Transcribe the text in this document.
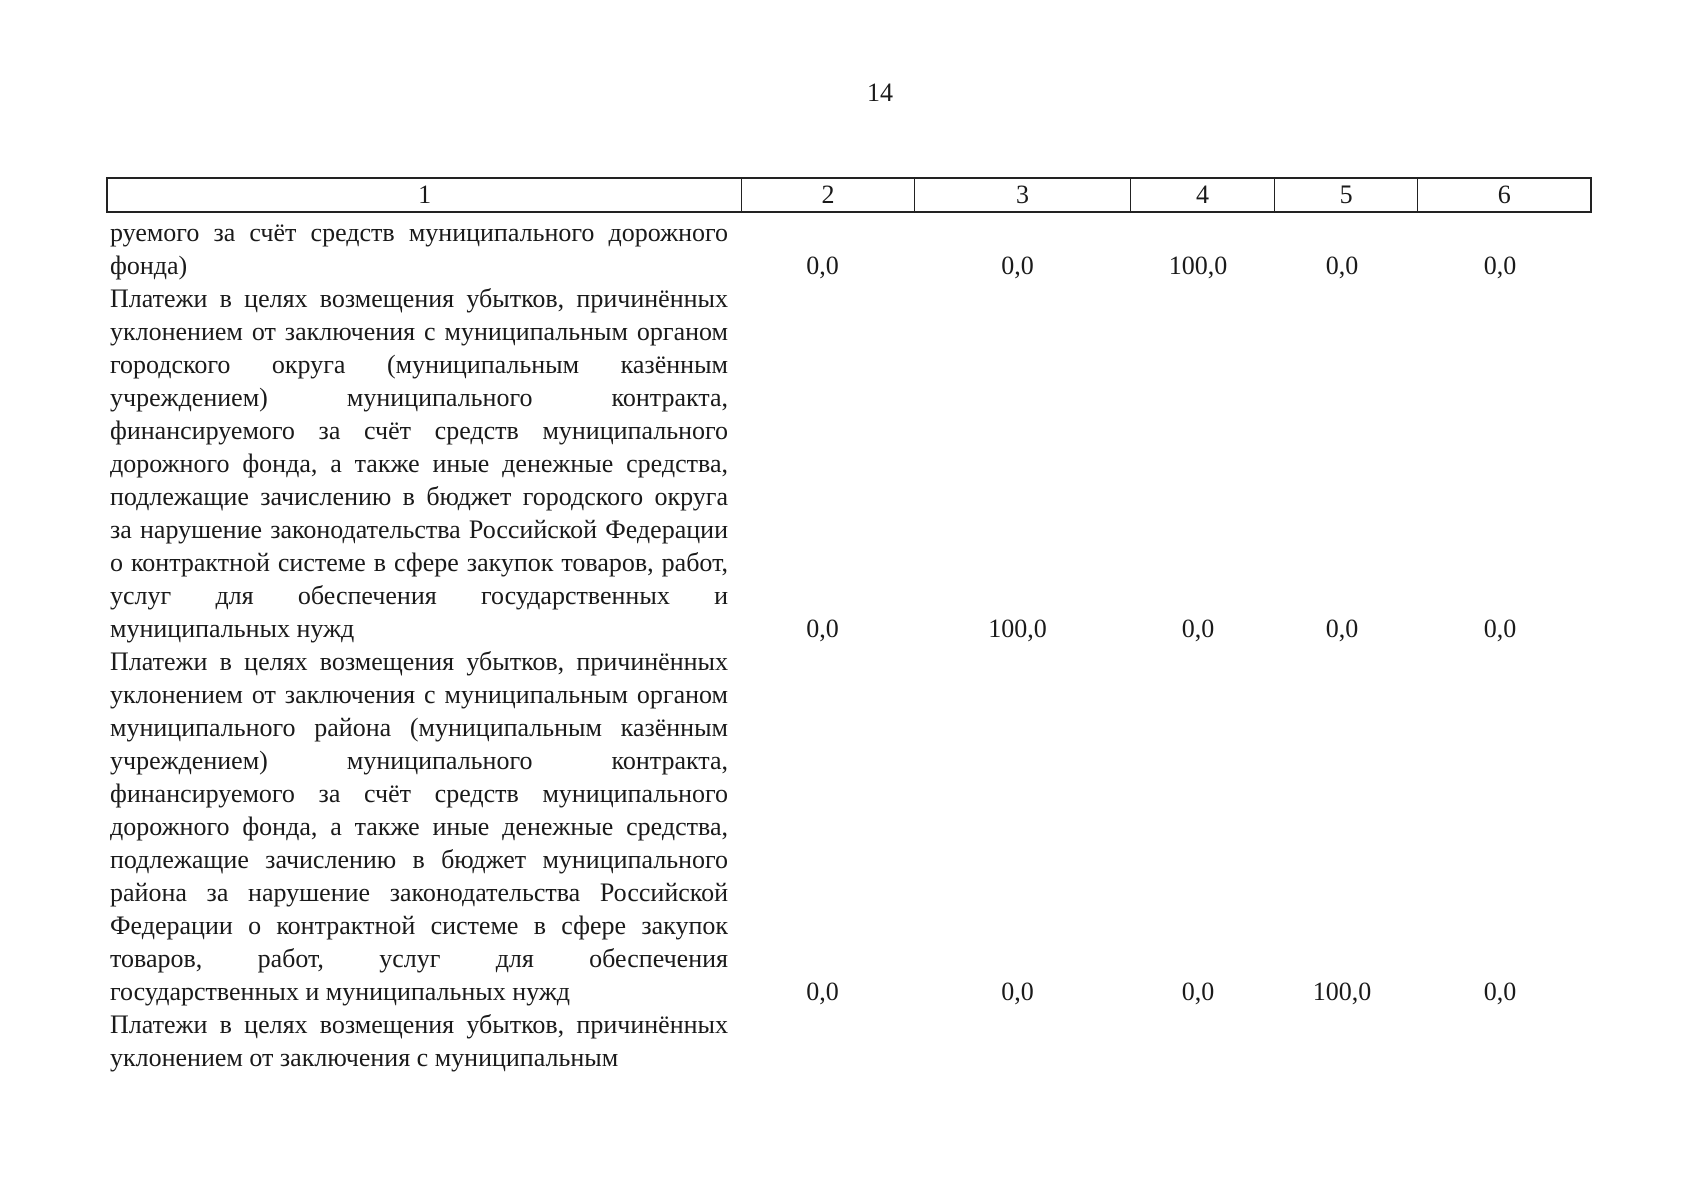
14
1	2	3	4	5	6
руемого за счёт средств муниципального дорожного фонда)	0,0	0,0	100,0	0,0	0,0
Платежи в целях возмещения убытков, причинённых уклонением от заключения с муниципальным органом городского округа (муниципальным казённым учреждением) муниципального контракта, финансируемого за счёт средств муниципального дорожного фонда, а также иные денежные средства, подлежащие зачислению в бюджет городского округа за нарушение законодательства Российской Федерации о контрактной системе в сфере закупок товаров, работ, услуг для обеспечения государственных и муниципальных нужд	0,0	100,0	0,0	0,0	0,0
Платежи в целях возмещения убытков, причинённых уклонением от заключения с муниципальным органом муниципального района (муниципальным казённым учреждением) муниципального контракта, финансируемого за счёт средств муниципального дорожного фонда, а также иные денежные средства, подлежащие зачислению в бюджет муниципального района за нарушение законодательства Российской Федерации о контрактной системе в сфере закупок товаров, работ, услуг для обеспечения государственных и муниципальных нужд	0,0	0,0	0,0	100,0	0,0
Платежи в целях возмещения убытков, причинённых уклонением от заключения с муниципальным
